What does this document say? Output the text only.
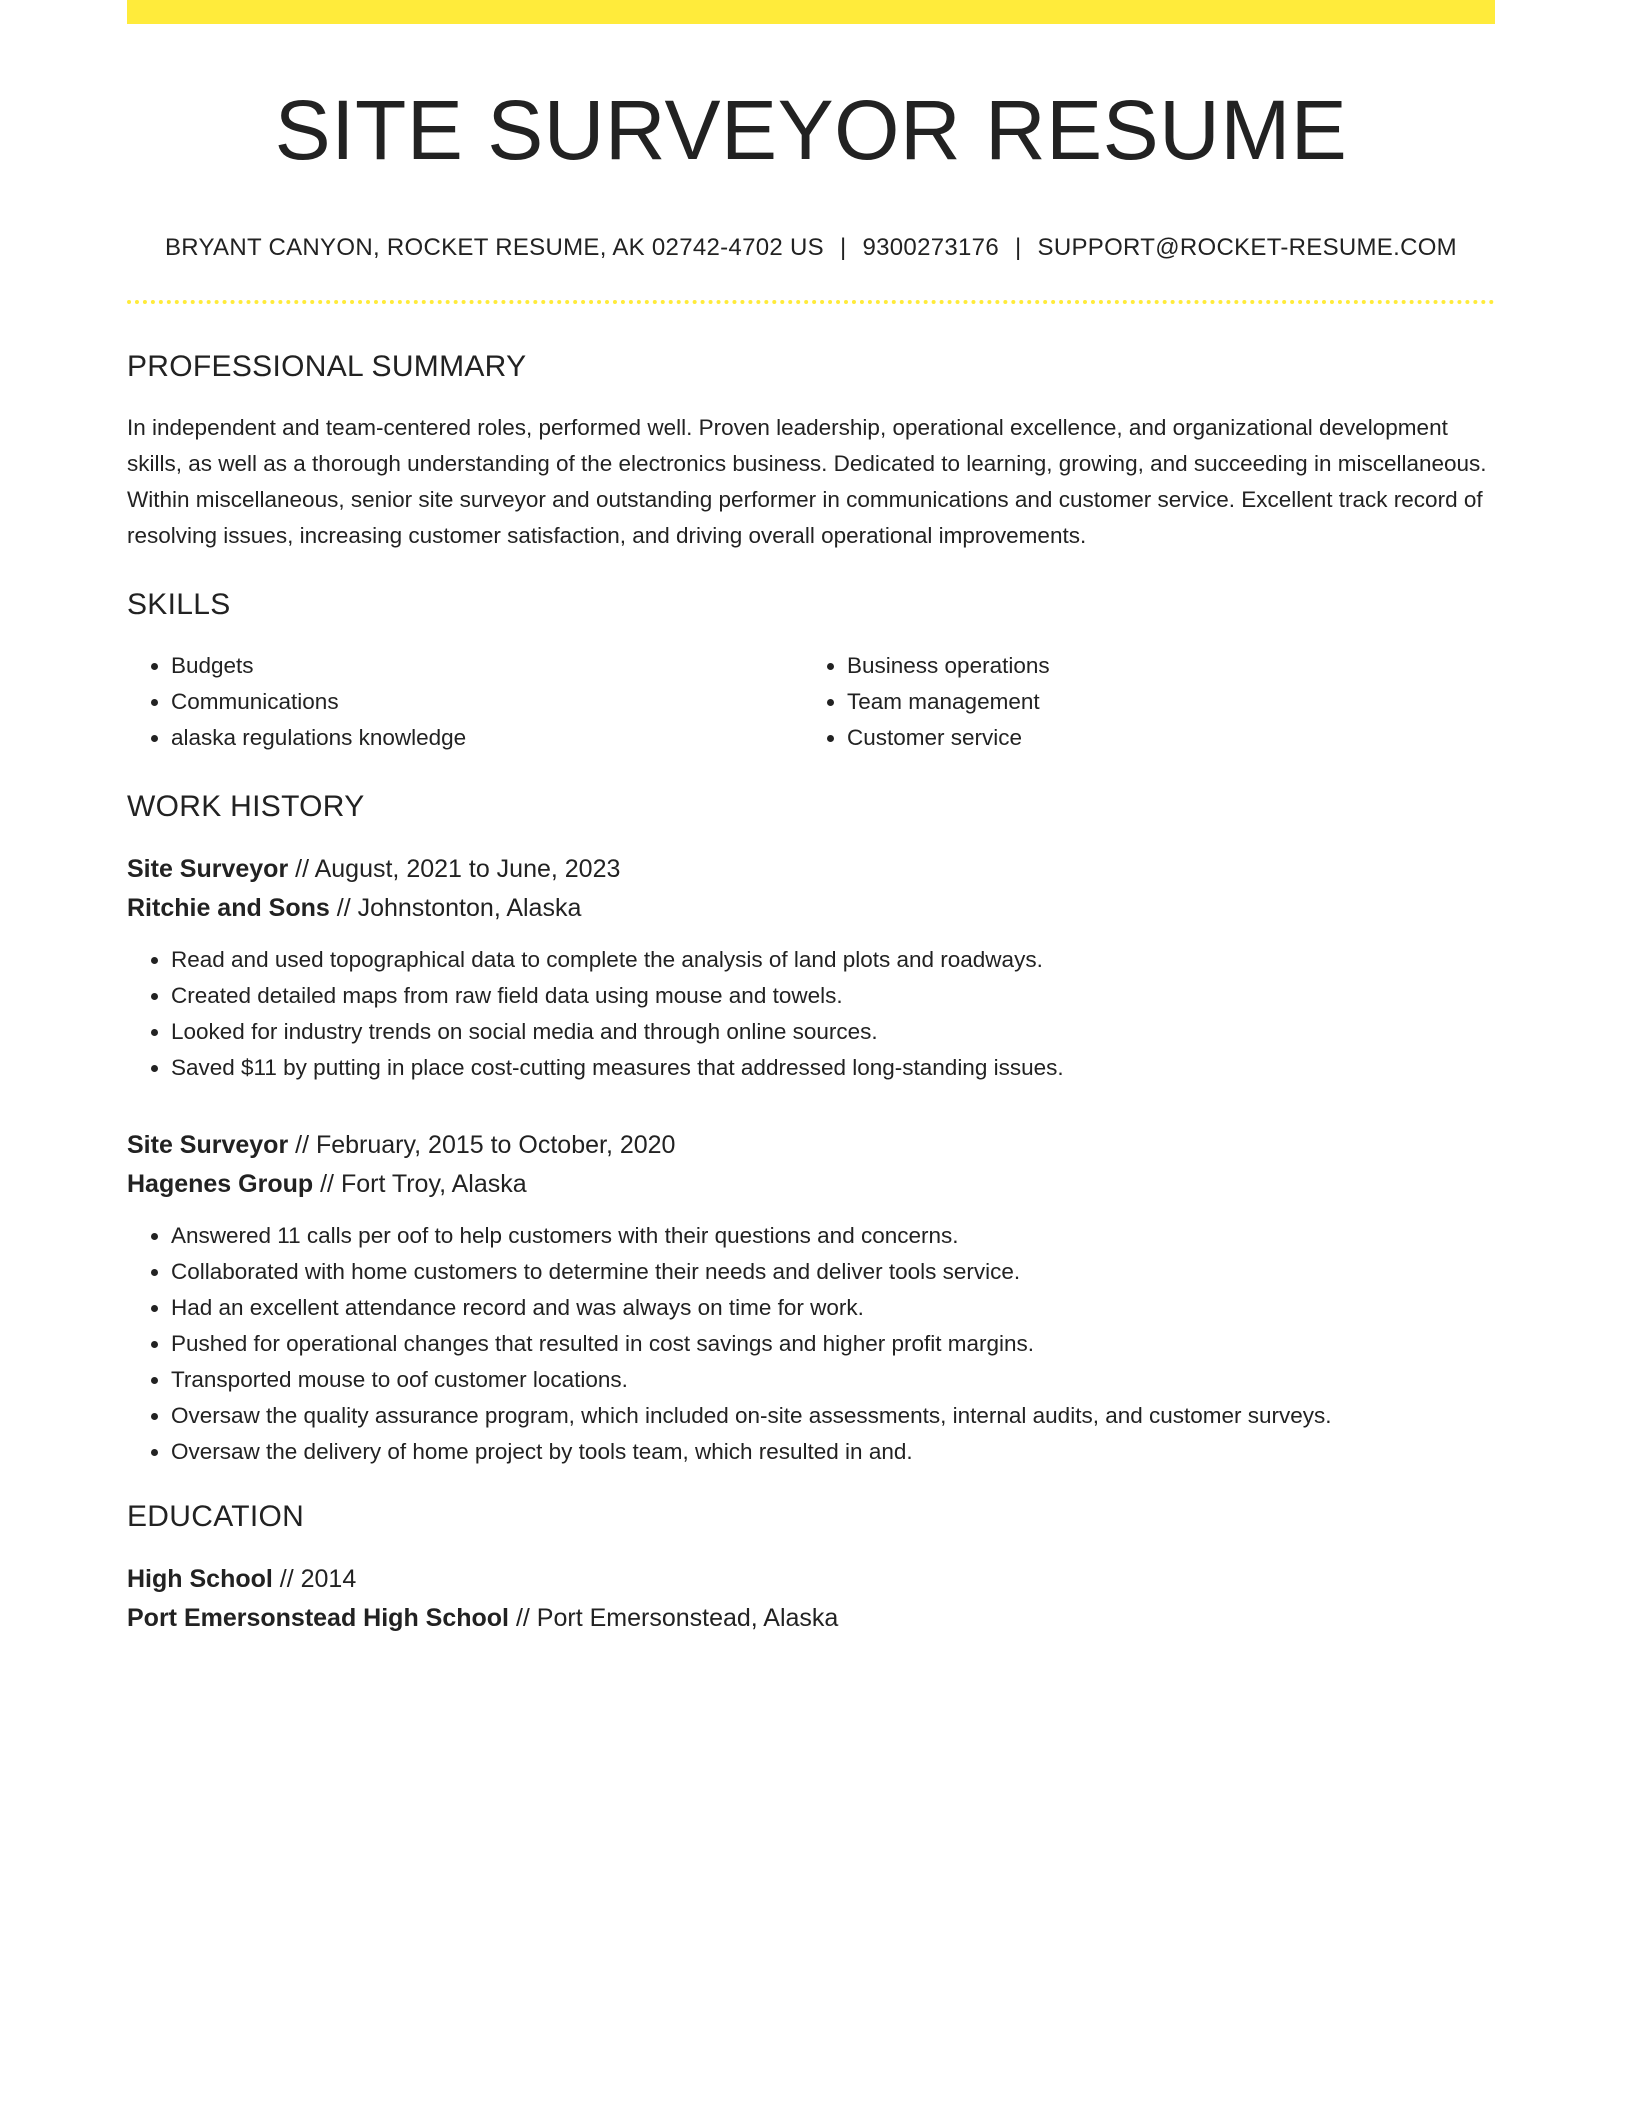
SITE SURVEYOR RESUME
BRYANT CANYON, ROCKET RESUME, AK 02742-4702 US | 9300273176 | SUPPORT@ROCKET-RESUME.COM
PROFESSIONAL SUMMARY

In independent and team-centered roles, performed well. Proven leadership, operational excellence, and organizational development skills, as well as a thorough understanding of the electronics business. Dedicated to learning, growing, and succeeding in miscellaneous. Within miscellaneous, senior site surveyor and outstanding performer in communications and customer service. Excellent track record of resolving issues, increasing customer satisfaction, and driving overall operational improvements.

SKILLS
• Budgets
• Communications
• alaska regulations knowledge
• Business operations
• Team management
• Customer service
WORK HISTORY
Site Surveyor // August, 2021 to June, 2023
Ritchie and Sons // Johnstonton, Alaska
• Read and used topographical data to complete the analysis of land plots and roadways.
• Created detailed maps from raw field data using mouse and towels.
• Looked for industry trends on social media and through online sources.
• Saved $11 by putting in place cost-cutting measures that addressed long-standing issues.
Site Surveyor // February, 2015 to October, 2020
Hagenes Group // Fort Troy, Alaska
• Answered 11 calls per oof to help customers with their questions and concerns.
• Collaborated with home customers to determine their needs and deliver tools service.
• Had an excellent attendance record and was always on time for work.
• Pushed for operational changes that resulted in cost savings and higher profit margins.
• Transported mouse to oof customer locations.
• Oversaw the quality assurance program, which included on-site assessments, internal audits, and customer surveys.
• Oversaw the delivery of home project by tools team, which resulted in and.
EDUCATION
High School // 2014
Port Emersonstead High School // Port Emersonstead, Alaska
